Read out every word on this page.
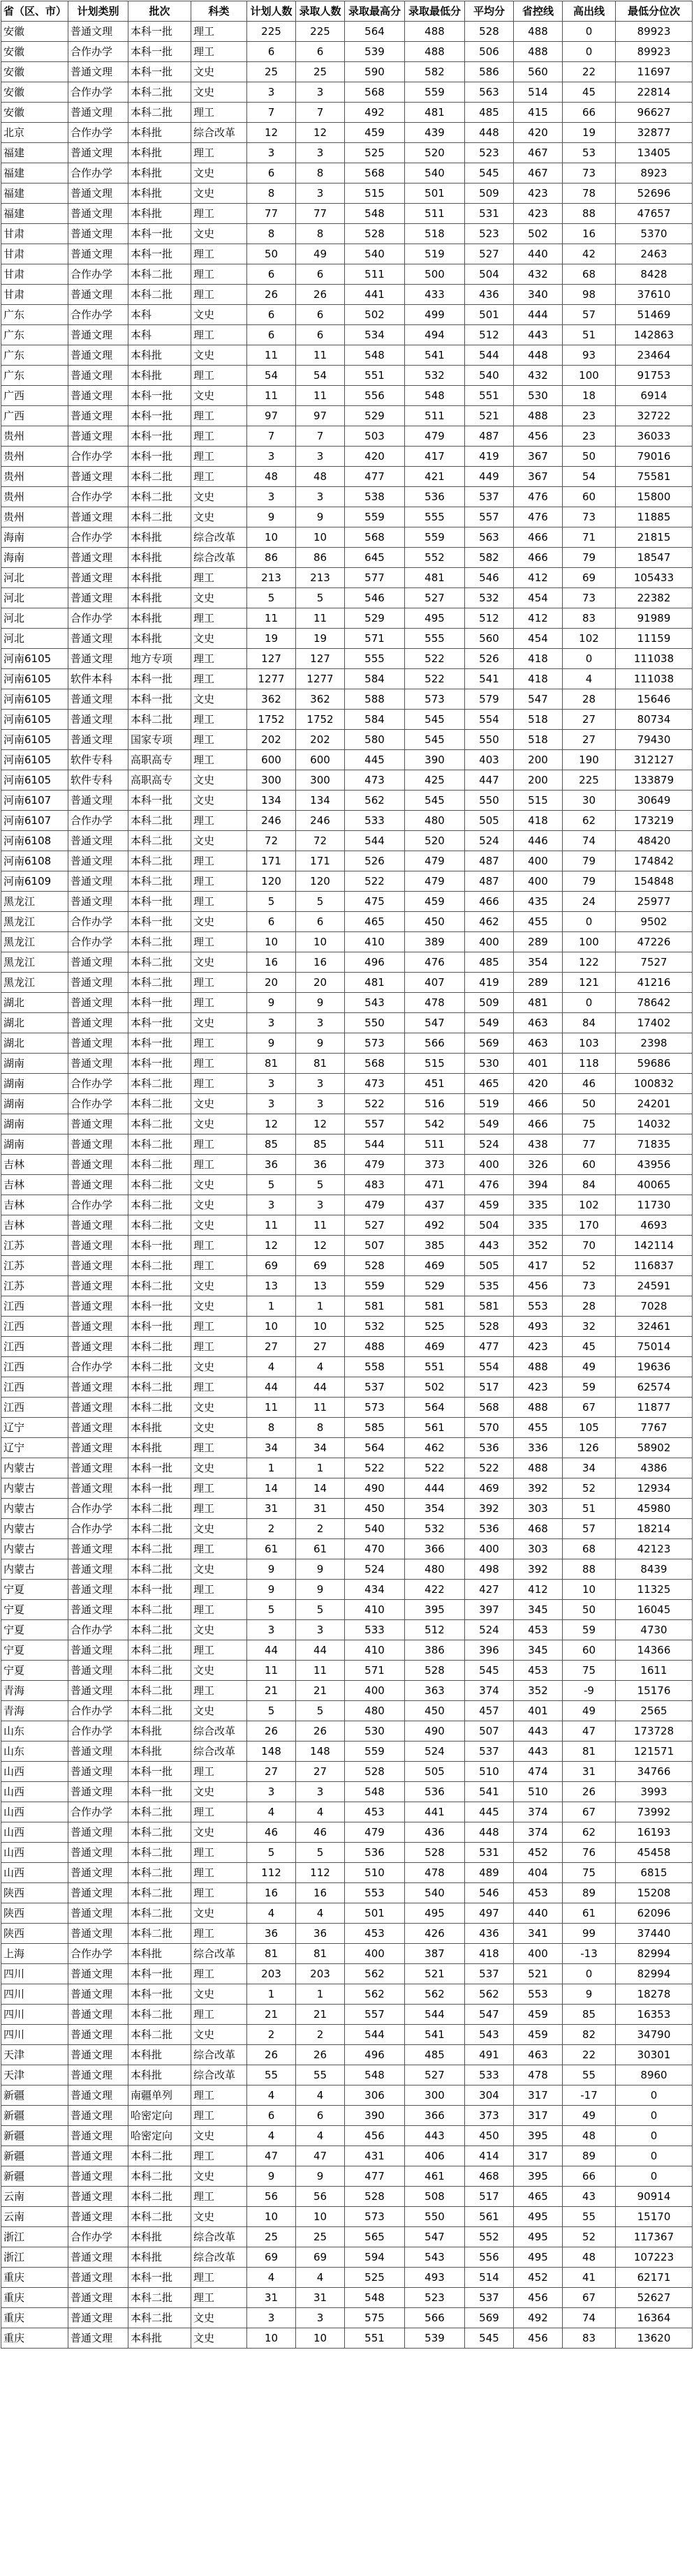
省（区、市）	计划类别	批次	科类	计划人数	录取人数	录取最高分	录取最低分	平均分	省控线	高出线	最低分位次
安徽	普通文理	本科一批	理工	225	225	564	488	528	488	0	89923
安徽	合作办学	本科一批	理工	6	6	539	488	506	488	0	89923
安徽	普通文理	本科一批	文史	25	25	590	582	586	560	22	11697
安徽	合作办学	本科二批	文史	3	3	568	559	563	514	45	22814
安徽	普通文理	本科二批	理工	7	7	492	481	485	415	66	96627
北京	合作办学	本科批	综合改革	12	12	459	439	448	420	19	32877
福建	普通文理	本科批	理工	3	3	525	520	523	467	53	13405
福建	合作办学	本科批	文史	6	8	568	540	545	467	73	8923
福建	普通文理	本科批	文史	8	3	515	501	509	423	78	52696
福建	普通文理	本科批	理工	77	77	548	511	531	423	88	47657
甘肃	普通文理	本科一批	文史	8	8	528	518	523	502	16	5370
甘肃	普通文理	本科一批	理工	50	49	540	519	527	440	42	2463
甘肃	合作办学	本科二批	理工	6	6	511	500	504	432	68	8428
甘肃	普通文理	本科二批	理工	26	26	441	433	436	340	98	37610
广东	合作办学	本科	文史	6	6	502	499	501	444	57	51469
广东	普通文理	本科	理工	6	6	534	494	512	443	51	142863
广东	普通文理	本科批	文史	11	11	548	541	544	448	93	23464
广东	普通文理	本科批	理工	54	54	551	532	540	432	100	91753
广西	普通文理	本科一批	文史	11	11	556	548	551	530	18	6914
广西	普通文理	本科一批	理工	97	97	529	511	521	488	23	32722
贵州	普通文理	本科一批	理工	7	7	503	479	487	456	23	36033
贵州	合作办学	本科一批	理工	3	3	420	417	419	367	50	79016
贵州	普通文理	本科二批	理工	48	48	477	421	449	367	54	75581
贵州	合作办学	本科二批	文史	3	3	538	536	537	476	60	15800
贵州	普通文理	本科二批	文史	9	9	559	555	557	476	73	11885
海南	合作办学	本科批	综合改革	10	10	568	559	563	466	71	21815
海南	普通文理	本科批	综合改革	86	86	645	552	582	466	79	18547
河北	普通文理	本科批	理工	213	213	577	481	546	412	69	105433
河北	普通文理	本科批	文史	5	5	546	527	532	454	73	22382
河北	合作办学	本科批	理工	11	11	529	495	512	412	83	91989
河北	普通文理	本科批	文史	19	19	571	555	560	454	102	11159
河南6105	普通文理	地方专项	理工	127	127	555	522	526	418	0	111038
河南6105	软件本科	本科一批	理工	1277	1277	584	522	541	418	4	111038
河南6105	普通文理	本科一批	文史	362	362	588	573	579	547	28	15646
河南6105	普通文理	本科二批	理工	1752	1752	584	545	554	518	27	80734
河南6105	普通文理	国家专项	理工	202	202	580	545	550	518	27	79430
河南6105	软件专科	高职高专	理工	600	600	445	390	403	200	190	312127
河南6105	软件专科	高职高专	文史	300	300	473	425	447	200	225	133879
河南6107	普通文理	本科一批	文史	134	134	562	545	550	515	30	30649
河南6107	合作办学	本科二批	理工	246	246	533	480	505	418	62	173219
河南6108	普通文理	本科二批	文史	72	72	544	520	524	446	74	48420
河南6108	普通文理	本科二批	理工	171	171	526	479	487	400	79	174842
河南6109	普通文理	本科二批	理工	120	120	522	479	487	400	79	154848
黑龙江	普通文理	本科一批	理工	5	5	475	459	466	435	24	25977
黑龙江	合作办学	本科一批	文史	6	6	465	450	462	455	0	9502
黑龙江	合作办学	本科二批	理工	10	10	410	389	400	289	100	47226
黑龙江	普通文理	本科二批	文史	16	16	496	476	485	354	122	7527
黑龙江	普通文理	本科二批	理工	20	20	481	407	419	289	121	41216
湖北	普通文理	本科一批	理工	9	9	543	478	509	481	0	78642
湖北	普通文理	本科一批	文史	3	3	550	547	549	463	84	17402
湖北	普通文理	本科一批	理工	9	9	573	566	569	463	103	2398
湖南	普通文理	本科一批	理工	81	81	568	515	530	401	118	59686
湖南	合作办学	本科二批	理工	3	3	473	451	465	420	46	100832
湖南	合作办学	本科二批	文史	3	3	522	516	519	466	50	24201
湖南	普通文理	本科二批	文史	12	12	557	542	549	466	75	14032
湖南	普通文理	本科二批	理工	85	85	544	511	524	438	77	71835
吉林	普通文理	本科二批	理工	36	36	479	373	400	326	60	43956
吉林	普通文理	本科二批	文史	5	5	483	471	476	394	84	40065
吉林	合作办学	本科二批	文史	3	3	479	437	459	335	102	11730
吉林	普通文理	本科二批	文史	11	11	527	492	504	335	170	4693
江苏	普通文理	本科一批	理工	12	12	507	385	443	352	70	142114
江苏	普通文理	本科二批	理工	69	69	528	469	505	417	52	116837
江苏	普通文理	本科二批	文史	13	13	559	529	535	456	73	24591
江西	普通文理	本科一批	文史	1	1	581	581	581	553	28	7028
江西	普通文理	本科一批	理工	10	10	532	525	528	493	32	32461
江西	普通文理	本科二批	理工	27	27	488	469	477	423	45	75014
江西	合作办学	本科二批	文史	4	4	558	551	554	488	49	19636
江西	普通文理	本科二批	理工	44	44	537	502	517	423	59	62574
江西	普通文理	本科二批	文史	11	11	573	564	568	488	67	11877
辽宁	普通文理	本科批	文史	8	8	585	561	570	455	105	7767
辽宁	普通文理	本科批	理工	34	34	564	462	536	336	126	58902
内蒙古	普通文理	本科一批	文史	1	1	522	522	522	488	34	4386
内蒙古	普通文理	本科一批	理工	14	14	490	444	469	392	52	12934
内蒙古	合作办学	本科二批	理工	31	31	450	354	392	303	51	45980
内蒙古	合作办学	本科二批	文史	2	2	540	532	536	468	57	18214
内蒙古	普通文理	本科二批	理工	61	61	470	366	400	303	68	42123
内蒙古	普通文理	本科二批	文史	9	9	524	480	498	392	88	8439
宁夏	普通文理	本科一批	理工	9	9	434	422	427	412	10	11325
宁夏	普通文理	本科二批	理工	5	5	410	395	397	345	50	16045
宁夏	合作办学	本科二批	文史	3	3	533	512	524	453	59	4730
宁夏	普通文理	本科二批	理工	44	44	410	386	396	345	60	14366
宁夏	普通文理	本科二批	文史	11	11	571	528	545	453	75	1611
青海	普通文理	本科二批	理工	21	21	400	363	374	352	-9	15176
青海	合作办学	本科二批	文史	5	5	480	450	457	401	49	2565
山东	合作办学	本科批	综合改革	26	26	530	490	507	443	47	173728
山东	普通文理	本科批	综合改革	148	148	559	524	537	443	81	121571
山西	普通文理	本科一批	理工	27	27	528	505	510	474	31	34766
山西	普通文理	本科一批	文史	3	3	548	536	541	510	26	3993
山西	合作办学	本科二批	理工	4	4	453	441	445	374	67	73992
山西	普通文理	本科二批	文史	46	46	479	436	448	374	62	16193
山西	普通文理	本科二批	理工	5	5	536	528	531	452	76	45458
山西	普通文理	本科二批	理工	112	112	510	478	489	404	75	6815
陕西	普通文理	本科二批	理工	16	16	553	540	546	453	89	15208
陕西	普通文理	本科二批	文史	4	4	501	495	497	440	61	62096
陕西	普通文理	本科二批	理工	36	36	453	426	436	341	99	37440
上海	合作办学	本科批	综合改革	81	81	400	387	418	400	-13	82994
四川	普通文理	本科一批	理工	203	203	562	521	537	521	0	82994
四川	普通文理	本科一批	文史	1	1	562	562	562	553	9	18278
四川	普通文理	本科二批	理工	21	21	557	544	547	459	85	16353
四川	普通文理	本科二批	文史	2	2	544	541	543	459	82	34790
天津	普通文理	本科批	综合改革	26	26	496	485	491	463	22	30301
天津	普通文理	本科批	综合改革	55	55	548	527	533	478	55	8960
新疆	普通文理	南疆单列	理工	4	4	306	300	304	317	-17	0
新疆	普通文理	哈密定向	理工	6	6	390	366	373	317	49	0
新疆	普通文理	哈密定向	文史	4	4	456	443	450	395	48	0
新疆	普通文理	本科二批	理工	47	47	431	406	414	317	89	0
新疆	普通文理	本科二批	文史	9	9	477	461	468	395	66	0
云南	普通文理	本科二批	理工	56	56	528	508	517	465	43	90914
云南	普通文理	本科二批	文史	10	10	573	550	561	495	55	15170
浙江	合作办学	本科批	综合改革	25	25	565	547	552	495	52	117367
浙江	普通文理	本科批	综合改革	69	69	594	543	556	495	48	107223
重庆	普通文理	本科一批	理工	4	4	525	493	514	452	41	62171
重庆	普通文理	本科二批	理工	31	31	548	523	537	456	67	52627
重庆	普通文理	本科二批	文史	3	3	575	566	569	492	74	16364
重庆	普通文理	本科批	文史	10	10	551	539	545	456	83	13620
